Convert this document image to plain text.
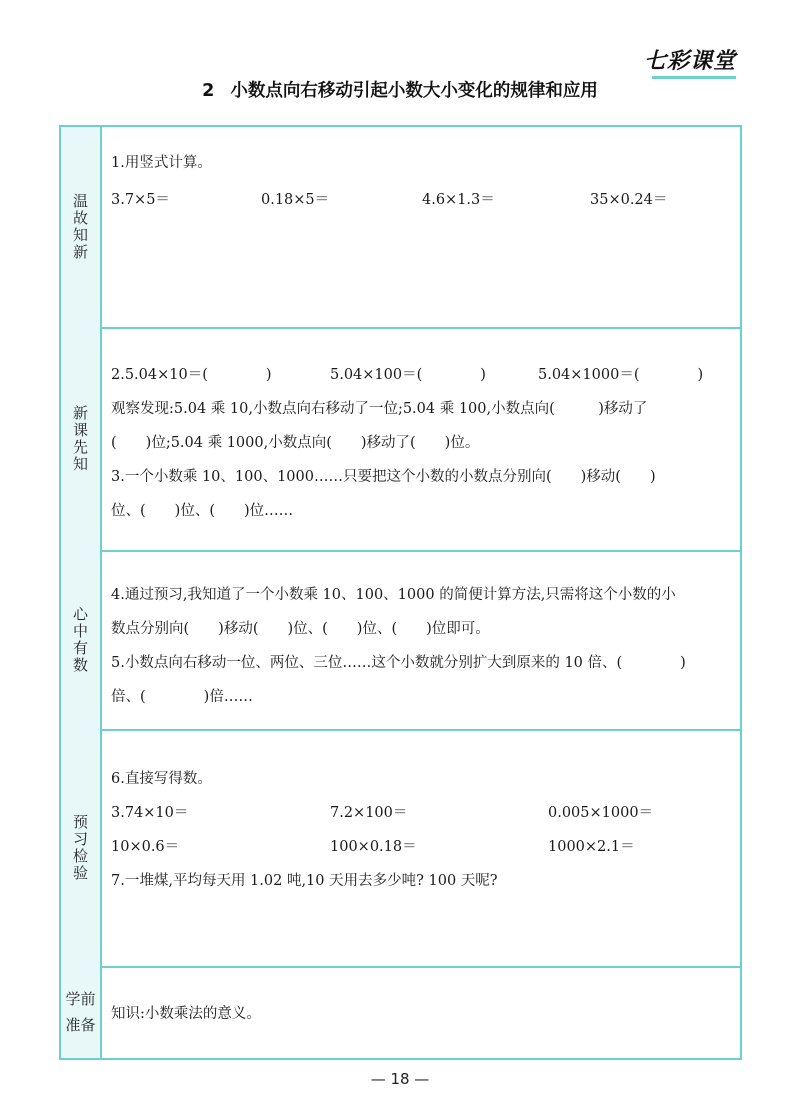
七彩课堂
2 小数点向右移动引起小数大小变化的规律和应用
温故知新
1.用竖式计算。
3.7×5＝	0.18×5＝	4.6×1.3＝	35×0.24＝
新课先知
2.5.04×10＝(　　　　)	5.04×100＝(　　　　)	5.04×1000＝(　　　　)
观察发现:5.04 乘 10,小数点向右移动了一位;5.04 乘 100,小数点向(　　　)移动了
(　　)位;5.04 乘 1000,小数点向(　　)移动了(　　)位。
3.一个小数乘 10、100、1000……只要把这个小数的小数点分别向(　　)移动(　　)
位、(　　)位、(　　)位……
心中有数
4.通过预习,我知道了一个小数乘 10、100、1000 的简便计算方法,只需将这个小数的小
数点分别向(　　)移动(　　)位、(　　)位、(　　)位即可。
5.小数点向右移动一位、两位、三位……这个小数就分别扩大到原来的 10 倍、(　　　　)
倍、(　　　　)倍……
预习检验
6.直接写得数。
3.74×10＝	7.2×100＝	0.005×1000＝
10×0.6＝	100×0.18＝	1000×2.1＝
7.一堆煤,平均每天用 1.02 吨,10 天用去多少吨? 100 天呢?
学前
准备
知识:小数乘法的意义。
— 18 —
